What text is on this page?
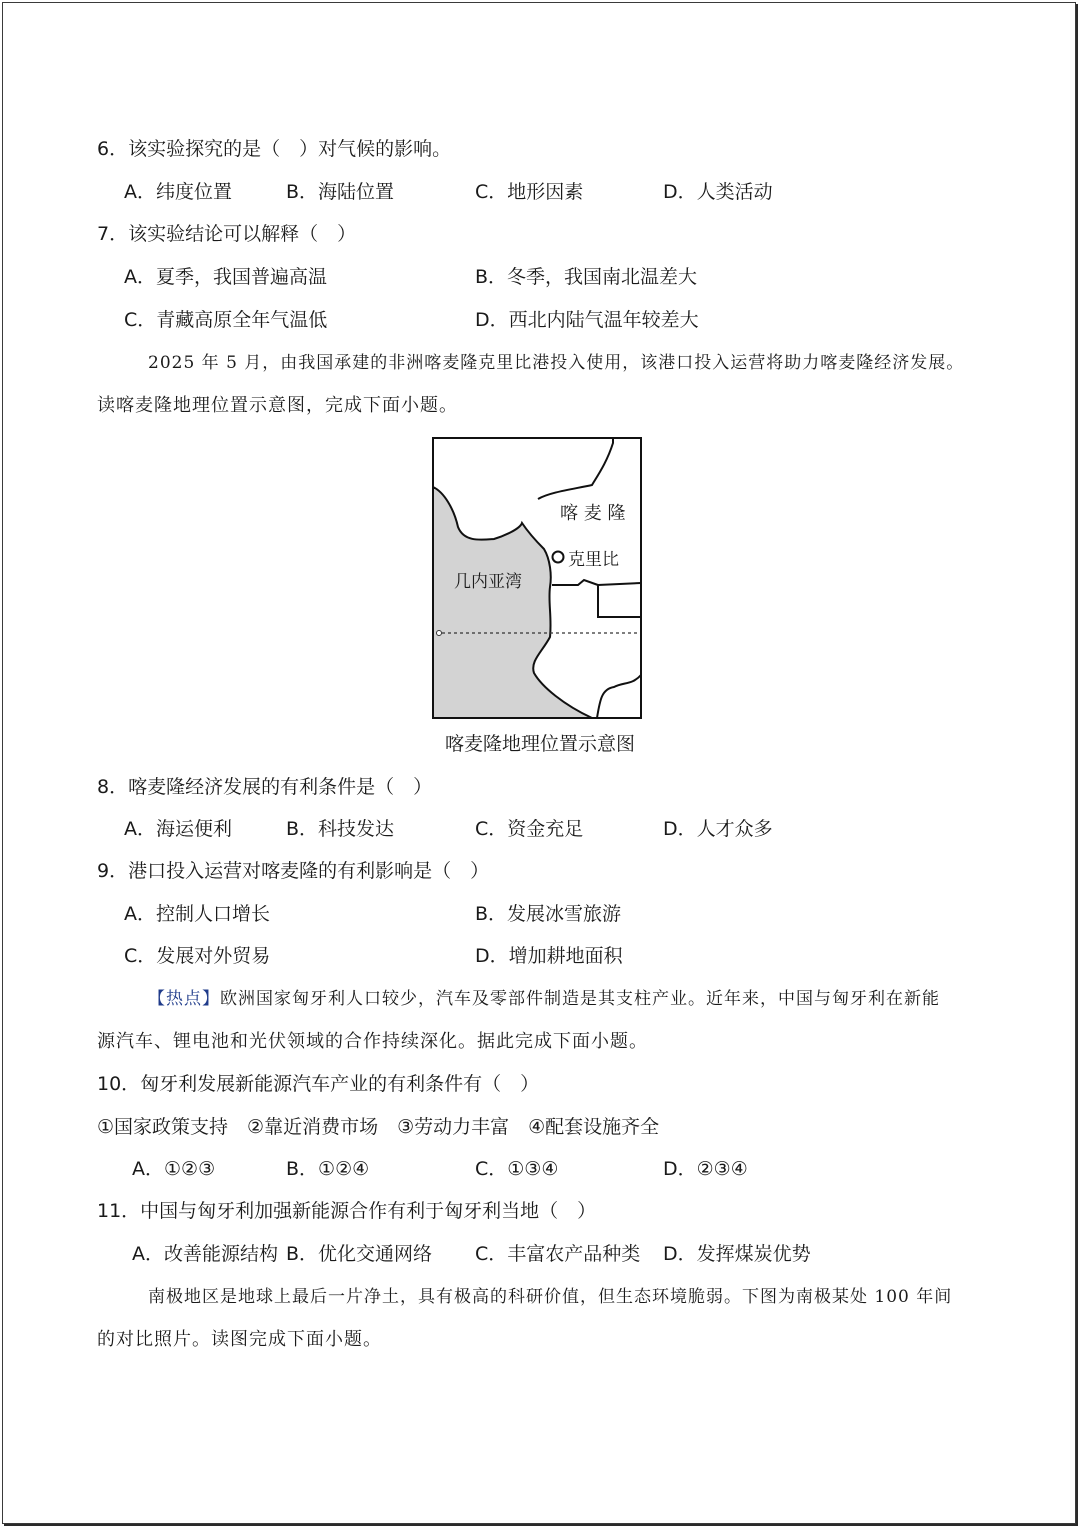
6．该实验探究的是（　）对气候的影响。
A．纬度位置	B．海陆位置	C．地形因素	D．人类活动
7．该实验结论可以解释（　）
A．夏季，我国普遍高温	B．冬季，我国南北温差大
C．青藏高原全年气温低	D．西北内陆气温年较差大
2025 年 5 月，由我国承建的非洲喀麦隆克里比港投入使用，该港口投入运营将助力喀麦隆经济发展。
读喀麦隆地理位置示意图，完成下面小题。
喀 麦 隆
克里比
几内亚湾
喀麦隆地理位置示意图
8．喀麦隆经济发展的有利条件是（　）
A．海运便利	B．科技发达	C．资金充足	D．人才众多
9．港口投入运营对喀麦隆的有利影响是（　）
A．控制人口增长	B．发展冰雪旅游
C．发展对外贸易	D．增加耕地面积
【热点】欧洲国家匈牙利人口较少，汽车及零部件制造是其支柱产业。近年来，中国与匈牙利在新能
源汽车、锂电池和光伏领域的合作持续深化。据此完成下面小题。
10．匈牙利发展新能源汽车产业的有利条件有（　）
①国家政策支持　②靠近消费市场　③劳动力丰富　④配套设施齐全
A．①②③	B．①②④	C．①③④	D．②③④
11．中国与匈牙利加强新能源合作有利于匈牙利当地（　）
A．改善能源结构 B．优化交通网络 C．丰富农产品种类 D．发挥煤炭优势
南极地区是地球上最后一片净土，具有极高的科研价值，但生态环境脆弱。下图为南极某处 100 年间
的对比照片。读图完成下面小题。
